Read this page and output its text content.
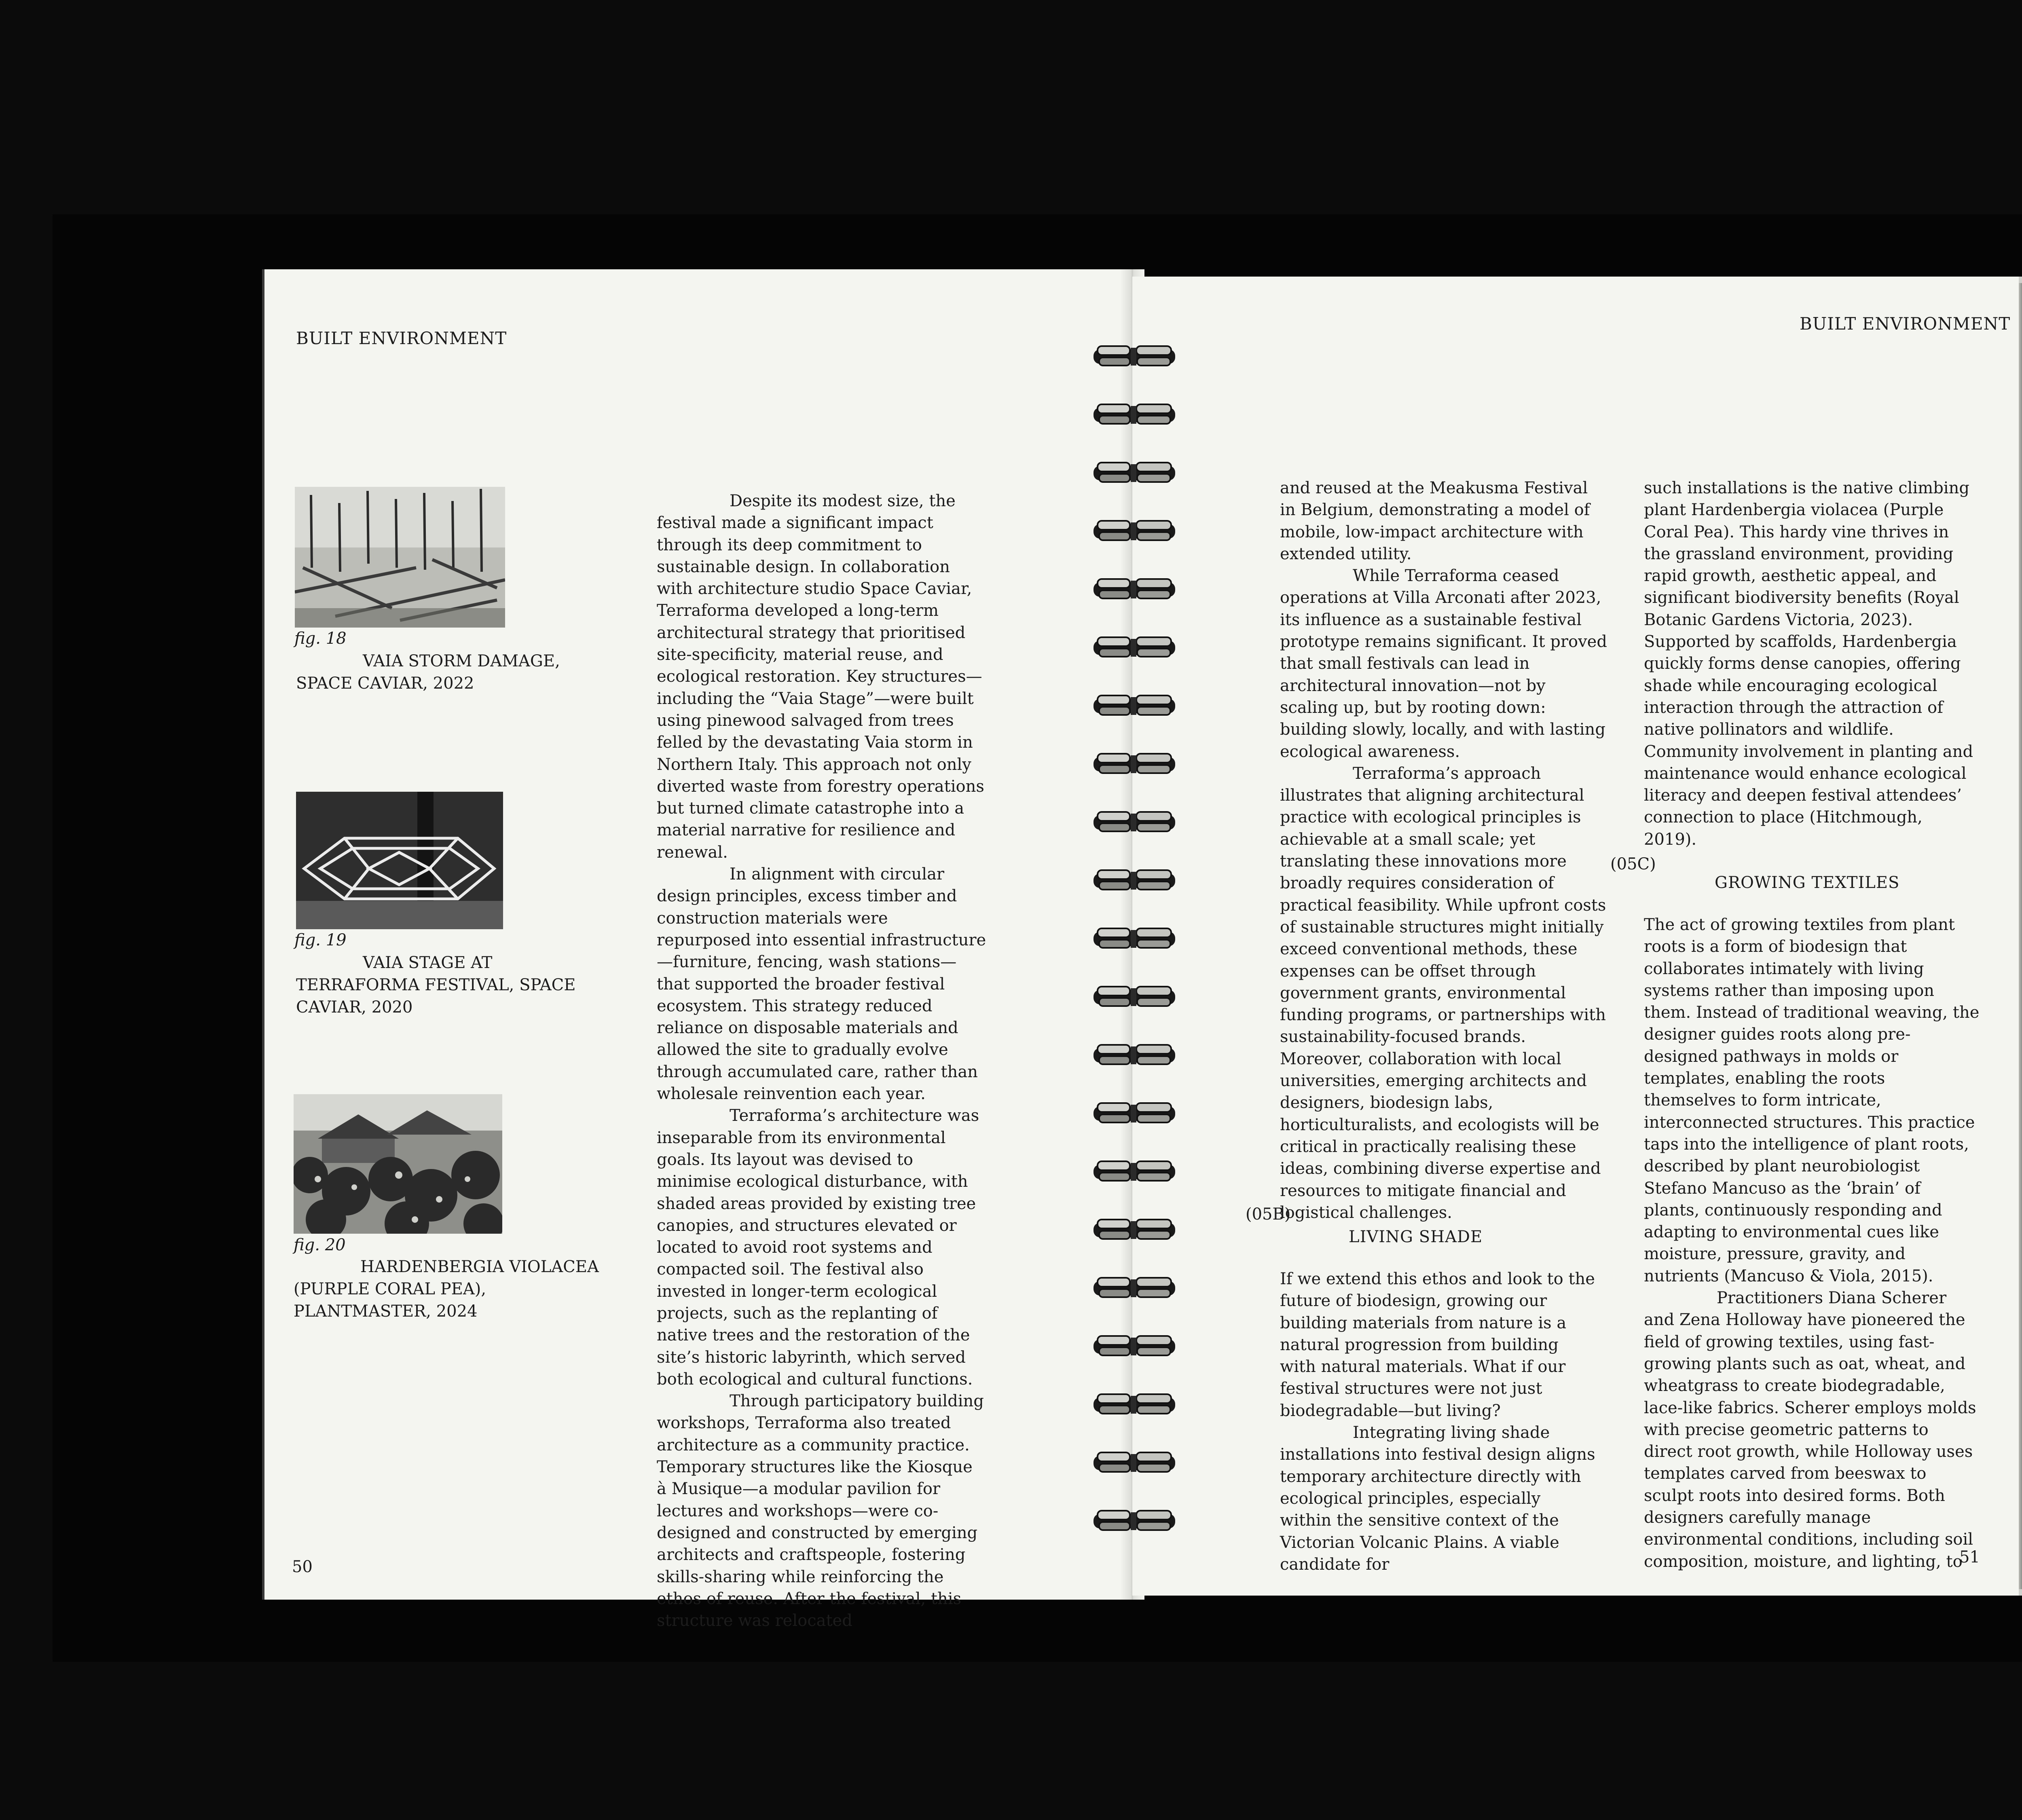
BUILT ENVIRONMENT
fig. 18
VAIA STORM DAMAGE, SPACE CAVIAR, 2022
fig. 19
VAIA STAGE AT TERRAFORMA FESTIVAL, SPACE CAVIAR, 2020
fig. 20
HARDENBERGIA VIOLACEA (PURPLE CORAL PEA), PLANTMASTER, 2024

Despite its modest size, the festival made a significant impact through its deep commitment to sustainable design. In collaboration with architecture studio Space Caviar, Terraforma developed a long-term architectural strategy that prioritised site-specificity, material reuse, and ecological restoration. Key structures—including the “Vaia Stage”—were built using pinewood salvaged from trees felled by the devastating Vaia storm in Northern Italy. This approach not only diverted waste from forestry operations but turned climate catastrophe into a material narrative for resilience and renewal.

In alignment with circular design principles, excess timber and construction materials were repurposed into essential infrastructure—furniture, fencing, wash stations—that supported the broader festival ecosystem. This strategy reduced reliance on disposable materials and allowed the site to gradually evolve through accumulated care, rather than wholesale reinvention each year.

Terraforma’s architecture was inseparable from its environmental goals. Its layout was devised to minimise ecological disturbance, with shaded areas provided by existing tree canopies, and structures elevated or located to avoid root systems and compacted soil. The festival also invested in longer-term ecological projects, such as the replanting of native trees and the restoration of the site’s historic labyrinth, which served both ecological and cultural functions.

Through participatory building workshops, Terraforma also treated architecture as a community practice. Temporary structures like the Kiosque à Musique—a modular pavilion for lectures and workshops—were co-designed and constructed by emerging architects and craftspeople, fostering skills-sharing while reinforcing the ethos of reuse. After the festival, this structure was relocated

50
BUILT ENVIRONMENT

and reused at the Meakusma Festival in Belgium, demonstrating a model of mobile, low-impact architecture with extended utility.

While Terraforma ceased operations at Villa Arconati after 2023, its influence as a sustainable festival prototype remains significant. It proved that small festivals can lead in architectural innovation—not by scaling up, but by rooting down: building slowly, locally, and with lasting ecological awareness.

Terraforma’s approach illustrates that aligning architectural practice with ecological principles is achievable at a small scale; yet translating these innovations more broadly requires consideration of practical feasibility. While upfront costs of sustainable structures might initially exceed conventional methods, these expenses can be offset through government grants, environmental funding programs, or partnerships with sustainability-focused brands. Moreover, collaboration with local universities, emerging architects and designers, biodesign labs, horticulturalists, and ecologists will be critical in practically realising these ideas, combining diverse expertise and resources to mitigate financial and logistical challenges.

(05B)
LIVING SHADE

If we extend this ethos and look to the future of biodesign, growing our building materials from nature is a natural progression from building with natural materials. What if our festival structures were not just biodegradable—but living?

Integrating living shade installations into festival design aligns temporary architecture directly with ecological principles, especially within the sensitive context of the Victorian Volcanic Plains. A viable candidate for

such installations is the native climbing plant Hardenbergia violacea (Purple Coral Pea). This hardy vine thrives in the grassland environment, providing rapid growth, aesthetic appeal, and significant biodiversity benefits (Royal Botanic Gardens Victoria, 2023). Supported by scaffolds, Hardenbergia quickly forms dense canopies, offering shade while encouraging ecological interaction through the attraction of native pollinators and wildlife. Community involvement in planting and maintenance would enhance ecological literacy and deepen festival attendees’ connection to place (Hitchmough, 2019).

(05C)
GROWING TEXTILES

The act of growing textiles from plant roots is a form of biodesign that collaborates intimately with living systems rather than imposing upon them. Instead of traditional weaving, the designer guides roots along pre-designed pathways in molds or templates, enabling the roots themselves to form intricate, interconnected structures. This practice taps into the intelligence of plant roots, described by plant neurobiologist Stefano Mancuso as the ‘brain’ of plants, continuously responding and adapting to environmental cues like moisture, pressure, gravity, and nutrients (Mancuso & Viola, 2015).

Practitioners Diana Scherer and Zena Holloway have pioneered the field of growing textiles, using fast-growing plants such as oat, wheat, and wheatgrass to create biodegradable, lace-like fabrics. Scherer employs molds with precise geometric patterns to direct root growth, while Holloway uses templates carved from beeswax to sculpt roots into desired forms. Both designers carefully manage environmental conditions, including soil composition, moisture, and lighting, to

51
